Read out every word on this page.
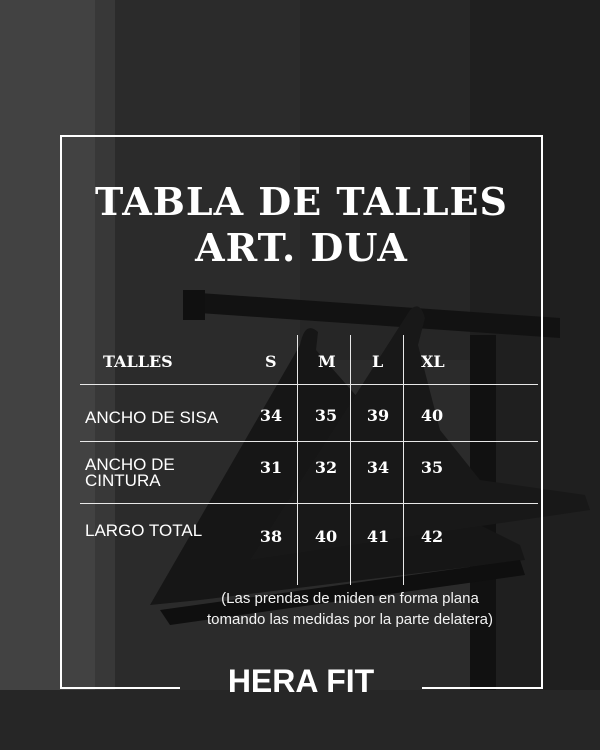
TABLA DE TALLES
ART. DUA
TALLES	S	M L XL
ANCHO DE SISA	34	35	39	40
ANCHO DE
CINTURA
31	32	34	35
LARGO TOTAL	38	40	41	42
(Las prendas de miden en forma plana
tomando las medidas por la parte delatera)
HERA FIT
